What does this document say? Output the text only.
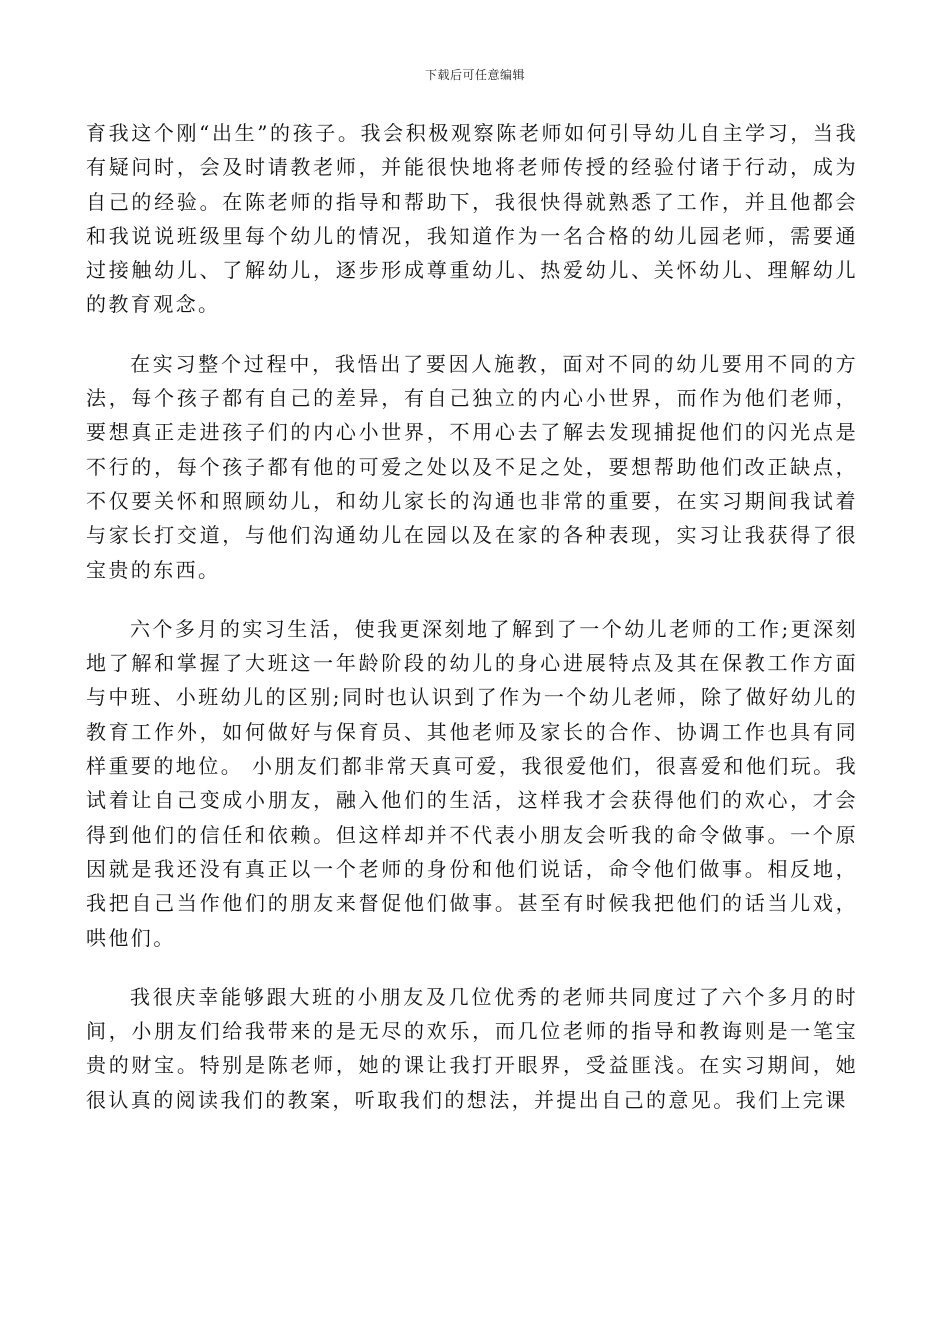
下载后可任意编辑

育我这个刚“出生”的孩子。我会积极观察陈老师如何引导幼儿自主学习，当我有疑问时，会及时请教老师，并能很快地将老师传授的经验付诸于行动，成为自己的经验。在陈老师的指导和帮助下，我很快得就熟悉了工作，并且他都会和我说说班级里每个幼儿的情况，我知道作为一名合格的幼儿园老师，需要通过接触幼儿、了解幼儿，逐步形成尊重幼儿、热爱幼儿、关怀幼儿、理解幼儿的教育观念。

在实习整个过程中，我悟出了要因人施教，面对不同的幼儿要用不同的方法，每个孩子都有自己的差异，有自己独立的内心小世界，而作为他们老师，要想真正走进孩子们的内心小世界，不用心去了解去发现捕捉他们的闪光点是不行的，每个孩子都有他的可爱之处以及不足之处，要想帮助他们改正缺点，不仅要关怀和照顾幼儿，和幼儿家长的沟通也非常的重要，在实习期间我试着与家长打交道，与他们沟通幼儿在园以及在家的各种表现，实习让我获得了很宝贵的东西。

六个多月的实习生活，使我更深刻地了解到了一个幼儿老师的工作;更深刻地了解和掌握了大班这一年龄阶段的幼儿的身心进展特点及其在保教工作方面与中班、小班幼儿的区别;同时也认识到了作为一个幼儿老师，除了做好幼儿的教育工作外，如何做好与保育员、其他老师及家长的合作、协调工作也具有同样重要的地位。 小朋友们都非常天真可爱，我很爱他们，很喜爱和他们玩。我试着让自己变成小朋友，融入他们的生活，这样我才会获得他们的欢心，才会得到他们的信任和依赖。但这样却并不代表小朋友会听我的命令做事。一个原因就是我还没有真正以一个老师的身份和他们说话，命令他们做事。相反地，我把自己当作他们的朋友来督促他们做事。甚至有时候我把他们的话当儿戏，哄他们。

我很庆幸能够跟大班的小朋友及几位优秀的老师共同度过了六个多月的时间，小朋友们给我带来的是无尽的欢乐，而几位老师的指导和教诲则是一笔宝贵的财宝。特别是陈老师，她的课让我打开眼界，受益匪浅。在实习期间，她很认真的阅读我们的教案，听取我们的想法，并提出自己的意见。我们上完课
